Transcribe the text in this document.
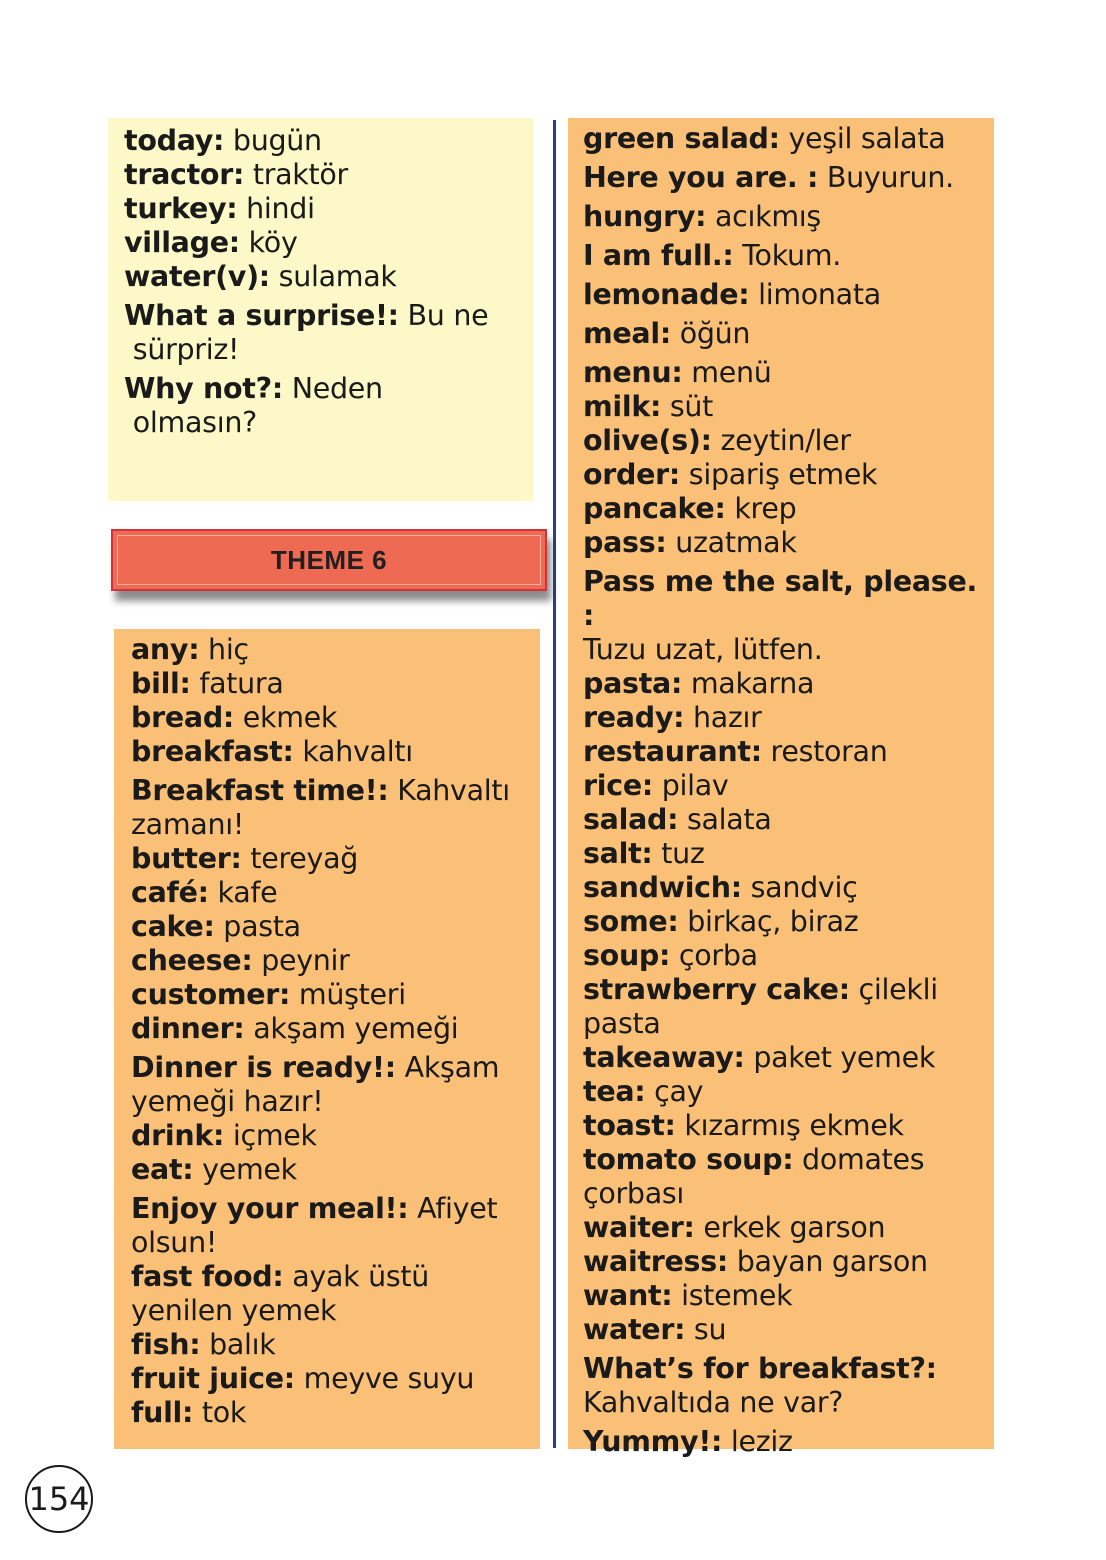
today: bugün
tractor: traktör
turkey: hindi
village: köy
water(v): sulamak
What a surprise!: Bu ne
sürpriz!
Why not?: Neden
olmasın?
THEME 6
any: hiç
bill: fatura
bread: ekmek
breakfast: kahvaltı
Breakfast time!: Kahvaltı
zamanı!
butter: tereyağ
café: kafe
cake: pasta
cheese: peynir
customer: müşteri
dinner: akşam yemeği
Dinner is ready!: Akşam
yemeği hazır!
drink: içmek
eat: yemek
Enjoy your meal!: Afiyet
olsun!
fast food: ayak üstü
yenilen yemek
fish: balık
fruit juice: meyve suyu
full: tok
green salad: yeşil salata
Here you are. : Buyurun.
hungry: acıkmış
I am full.: Tokum.
lemonade: limonata
meal: öğün
menu: menü
milk: süt
olive(s): zeytin/ler
order: sipariş etmek
pancake: krep
pass: uzatmak
Pass me the salt, please. :
Tuzu uzat, lütfen.
pasta: makarna
ready: hazır
restaurant: restoran
rice: pilav
salad: salata
salt: tuz
sandwich: sandviç
some: birkaç, biraz
soup: çorba
strawberry cake: çilekli
pasta
takeaway: paket yemek
tea: çay
toast: kızarmış ekmek
tomato soup: domates
çorbası
waiter: erkek garson
waitress: bayan garson
want: istemek
water: su
What’s for breakfast?:
Kahvaltıda ne var?
Yummy!: leziz
154
